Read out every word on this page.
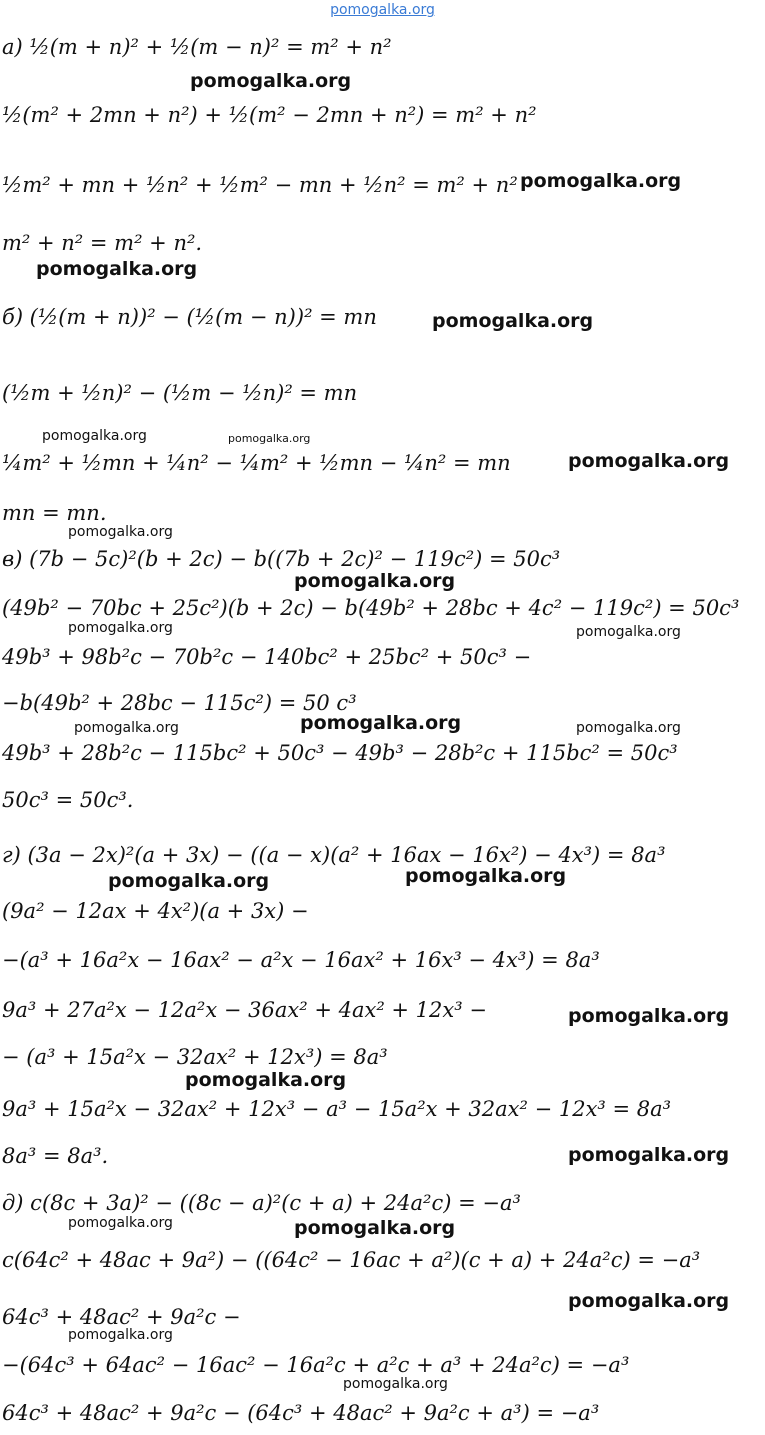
pomogalka.org
а) ½(m + n)² + ½(m − n)² = m² + n²
½(m² + 2mn + n²) + ½(m² − 2mn + n²) = m² + n²
½m² + mn + ½n² + ½m² − mn + ½n² = m² + n²
m² + n² = m² + n².
б) (½(m + n))² − (½(m − n))² = mn
(½m + ½n)² − (½m − ½n)² = mn
¼m² + ½mn + ¼n² − ¼m² + ½mn − ¼n² = mn
mn = mn.
в) (7b − 5c)²(b + 2c) − b((7b + 2c)² − 119c²) = 50c³
(49b² − 70bc + 25c²)(b + 2c) − b(49b² + 28bc + 4c² − 119c²) = 50c³
49b³ + 98b²c − 70b²c − 140bc² + 25bc² + 50c³ −
−b(49b² + 28bc − 115c²) = 50 c³
49b³ + 28b²c − 115bc² + 50c³ − 49b³ − 28b²c + 115bc² = 50c³
50c³ = 50c³.
г) (3a − 2x)²(a + 3x) − ((a − x)(a² + 16ax − 16x²) − 4x³) = 8a³
(9a² − 12ax + 4x²)(a + 3x) −
−(a³ + 16a²x − 16ax² − a²x − 16ax² + 16x³ − 4x³) = 8a³
9a³ + 27a²x − 12a²x − 36ax² + 4ax² + 12x³ −
− (a³ + 15a²x − 32ax² + 12x³) = 8a³
9a³ + 15a²x − 32ax² + 12x³ − a³ − 15a²x + 32ax² − 12x³ = 8a³
8a³ = 8a³.
д) c(8c + 3a)² − ((8c − a)²(c + a) + 24a²c) = −a³
c(64c² + 48ac + 9a²) − ((64c² − 16ac + a²)(c + a) + 24a²c) = −a³
64c³ + 48ac² + 9a²c −
−(64c³ + 64ac² − 16ac² − 16a²c + a²c + a³ + 24a²c) = −a³
64c³ + 48ac² + 9a²c − (64c³ + 48ac² + 9a²c + a³) = −a³
pomogalka.org
pomogalka.org
pomogalka.org
pomogalka.org
pomogalka.org	pomogalka.org
pomogalka.org
pomogalka.org
pomogalka.org
pomogalka.org	pomogalka.org
pomogalka.org	pomogalka.org	pomogalka.org
pomogalka.org	pomogalka.org
pomogalka.org
pomogalka.org
pomogalka.org
pomogalka.org	pomogalka.org
pomogalka.org
pomogalka.org
pomogalka.org
